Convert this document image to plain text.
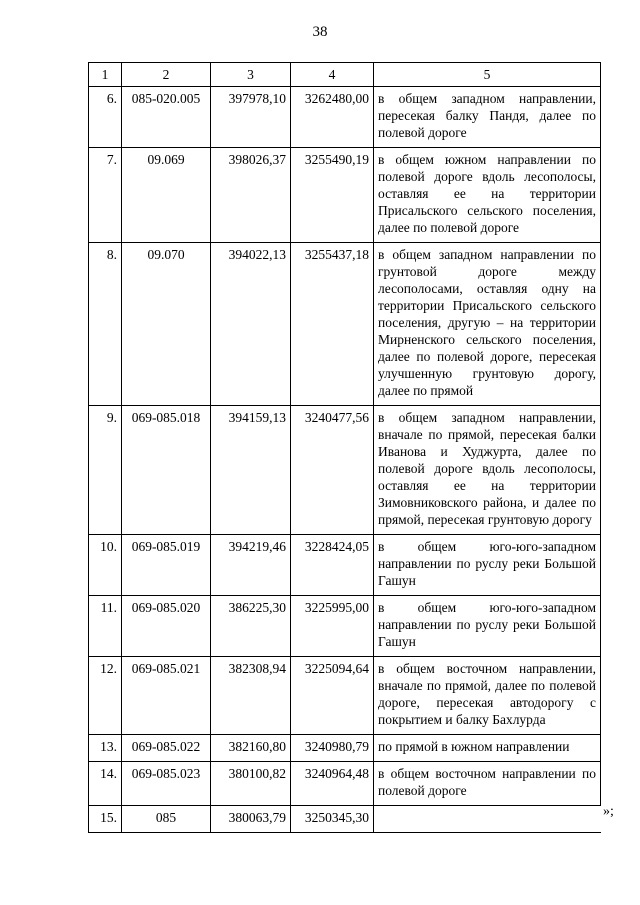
38
1	2	3	4	5
6.	085-020.005	397978,10	3262480,00	в общем западном направлении, пересекая балку Пандя, далее по полевой дороге
7.	09.069	398026,37	3255490,19	в общем южном направлении по полевой дороге вдоль лесополосы, оставляя ее на территории Присальского сельского поселения, далее по полевой дороге
8.	09.070	394022,13	3255437,18	в общем западном направлении по грунтовой дороге между лесополосами, оставляя одну на территории Присальского сельского поселения, другую – на территории Мирненского сельского поселения, далее по полевой дороге, пересекая улучшенную грунтовую дорогу, далее по прямой
9.	069-085.018	394159,13	3240477,56	в общем западном направлении, вначале по прямой, пересекая балки Иванова и Худжурта, далее по полевой дороге вдоль лесополосы, оставляя ее на территории Зимовниковского района, и далее по прямой, пересекая грунтовую дорогу
10.	069-085.019	394219,46	3228424,05	в общем юго-юго-западном направлении по руслу реки Большой Гашун
11.	069-085.020	386225,30	3225995,00	в общем юго-юго-западном направлении по руслу реки Большой Гашун
12.	069-085.021	382308,94	3225094,64	в общем восточном направлении, вначале по прямой, далее по полевой дороге, пересекая автодорогу с покрытием и балку Бахлурда
13.	069-085.022	382160,80	3240980,79	по прямой в южном направлении
14.	069-085.023	380100,82	3240964,48	в общем восточном направлении по полевой дороге
15.	085	380063,79	3250345,30		»;
